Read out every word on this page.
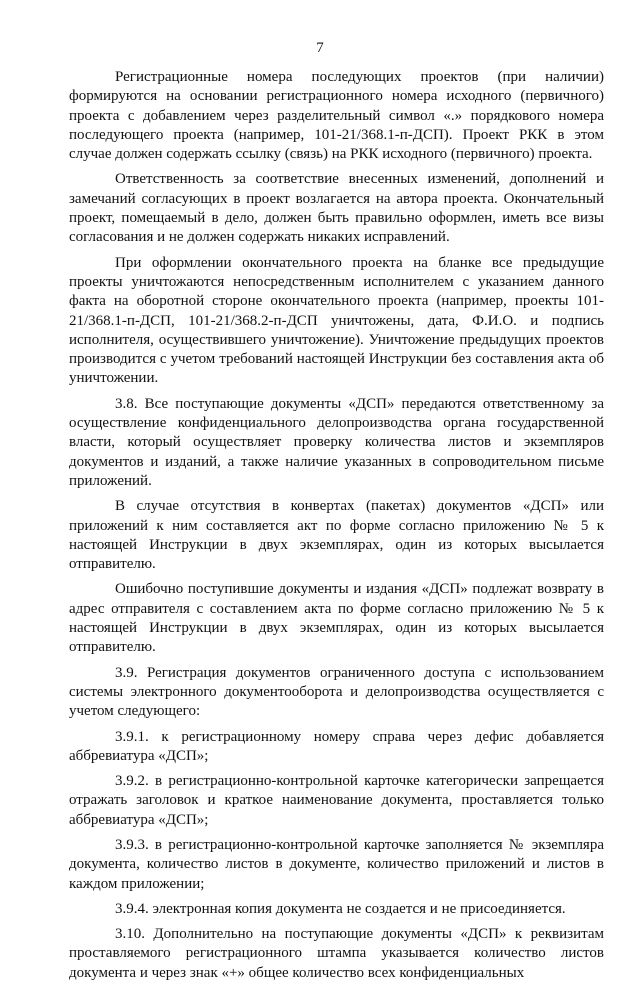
7

Регистрационные номера последующих проектов (при наличии) формируются на основании регистрационного номера исходного (первичного) проекта с добавлением через разделительный символ «.» порядкового номера последующего проекта (например, 101-21/368.1-п-ДСП). Проект РКК в этом случае должен содержать ссылку (связь) на РКК исходного (первичного) проекта.

Ответственность за соответствие внесенных изменений, дополнений и замечаний согласующих в проект возлагается на автора проекта. Окончательный проект, помещаемый в дело, должен быть правильно оформлен, иметь все визы согласования и не должен содержать никаких исправлений.

При оформлении окончательного проекта на бланке все предыдущие проекты уничтожаются непосредственным исполнителем с указанием данного факта на оборотной стороне окончательного проекта (например, проекты 101-21/368.1-п-ДСП, 101-21/368.2-п-ДСП уничтожены, дата, Ф.И.О. и подпись исполнителя, осуществившего уничтожение). Уничтожение предыдущих проектов производится с учетом требований настоящей Инструкции без составления акта об уничтожении.

3.8. Все поступающие документы «ДСП» передаются ответственному за осуществление конфиденциального делопроизводства органа государственной власти, который осуществляет проверку количества листов и экземпляров документов и изданий, а также наличие указанных в сопроводительном письме приложений.

В случае отсутствия в конвертах (пакетах) документов «ДСП» или приложений к ним составляется акт по форме согласно приложению № 5 к настоящей Инструкции в двух экземплярах, один из которых высылается отправителю.

Ошибочно поступившие документы и издания «ДСП» подлежат возврату в адрес отправителя с составлением акта по форме согласно приложению № 5 к настоящей Инструкции в двух экземплярах, один из которых высылается отправителю.

3.9. Регистрация документов ограниченного доступа с использованием системы электронного документооборота и делопроизводства осуществляется с учетом следующего:

3.9.1. к регистрационному номеру справа через дефис добавляется аббревиатура «ДСП»;

3.9.2. в регистрационно-контрольной карточке категорически запрещается отражать заголовок и краткое наименование документа, проставляется только аббревиатура «ДСП»;

3.9.3. в регистрационно-контрольной карточке заполняется № экземпляра документа, количество листов в документе, количество приложений и листов в каждом приложении;

3.9.4. электронная копия документа не создается и не присоединяется.

3.10. Дополнительно на поступающие документы «ДСП» к реквизитам проставляемого регистрационного штампа указывается количество листов документа и через знак «+» общее количество всех конфиденциальных
